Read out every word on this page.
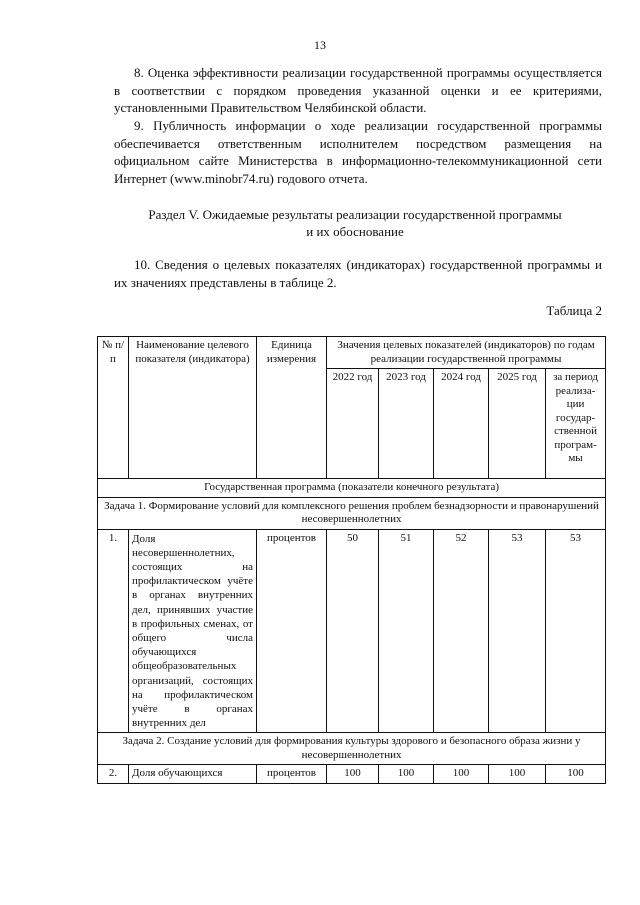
13

8. Оценка эффективности реализации государственной программы осуществляется в соответствии с порядком проведения указанной оценки и ее критериями, установленными Правительством Челябинской области.

9. Публичность информации о ходе реализации государственной программы обеспечивается ответственным исполнителем посредством размещения на официальном сайте Министерства в информационно-телекоммуникационной сети Интернет (www.minobr74.ru) годового отчета.

Раздел V. Ожидаемые результаты реализации государственной программы

и их обоснование

10. Сведения о целевых показателях (индикаторах) государственной программы и их значениях представлены в таблице 2.

Таблица 2
№ п/п	Наименование целевого показателя (индикатора)	Единица измерения	Значения целевых показателей (индикаторов) по годам реализации государственной программы				
			2022 год	2023 год	2024 год	2025 год	за период реализа-ции государ-ственной програм-мы
Государственная программа (показатели конечного результата)							
Задача 1. Формирование условий для комплексного решения проблем безнадзорности и правонарушений несовершеннолетних							
1.	Доля несовершеннолетних, состоящих на профилактическом учёте в органах внутренних дел, принявших участие в профильных сменах, от общего числа обучающихся общеобразовательных организаций, состоящих на профилактическом учёте в органах внутренних дел	процентов	50	51	52	53	53
Задача 2. Создание условий для формирования культуры здорового и безопасного образа жизни у несовершеннолетних							
2.	Доля обучающихся	процентов	100	100	100	100	100
